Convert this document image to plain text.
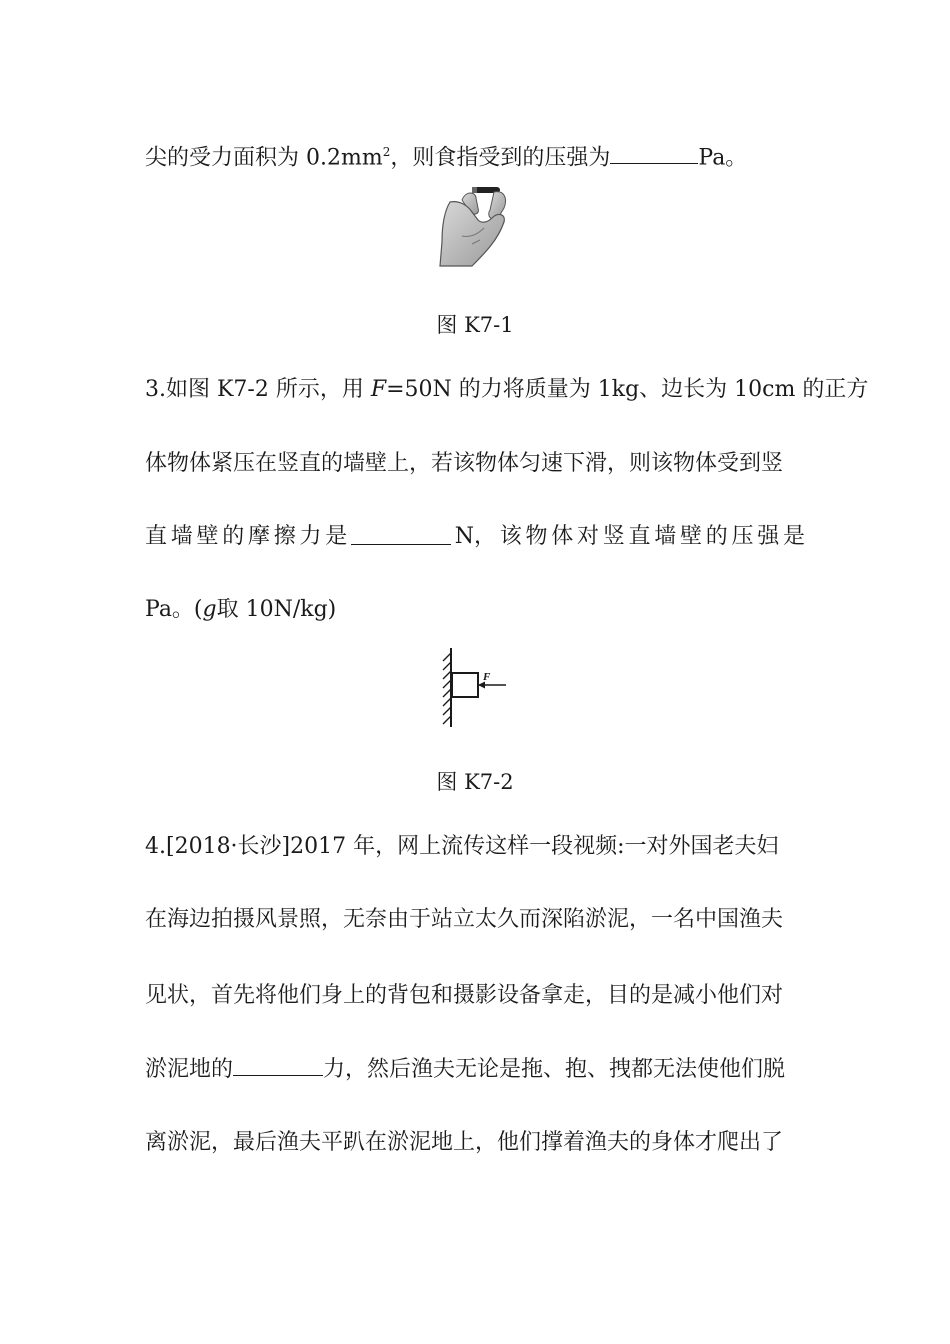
尖的受力面积为 $0.2mm^2$，则食指受到的压强为	Pa。
图 K7-1
3.如图 K7-2 所示，用 F=50N 的力将质量为 1kg、边长为 10cm 的正方
体物体紧压在竖直的墙壁上，若该物体匀速下滑，则该物体受到竖
直 墙 壁 的 摩 擦 力 是	N， 该 物 体 对 竖 直 墙 壁 的 压 强 是
Pa。(g取 10N/kg)
F
图 K7-2
4.[2018·长沙]2017 年，网上流传这样一段视频:一对外国老夫妇
在海边拍摄风景照，无奈由于站立太久而深陷淤泥，一名中国渔夫
见状，首先将他们身上的背包和摄影设备拿走，目的是减小他们对
淤泥地的	力，然后渔夫无论是拖、抱、拽都无法使他们脱
离淤泥，最后渔夫平趴在淤泥地上，他们撑着渔夫的身体才爬出了
